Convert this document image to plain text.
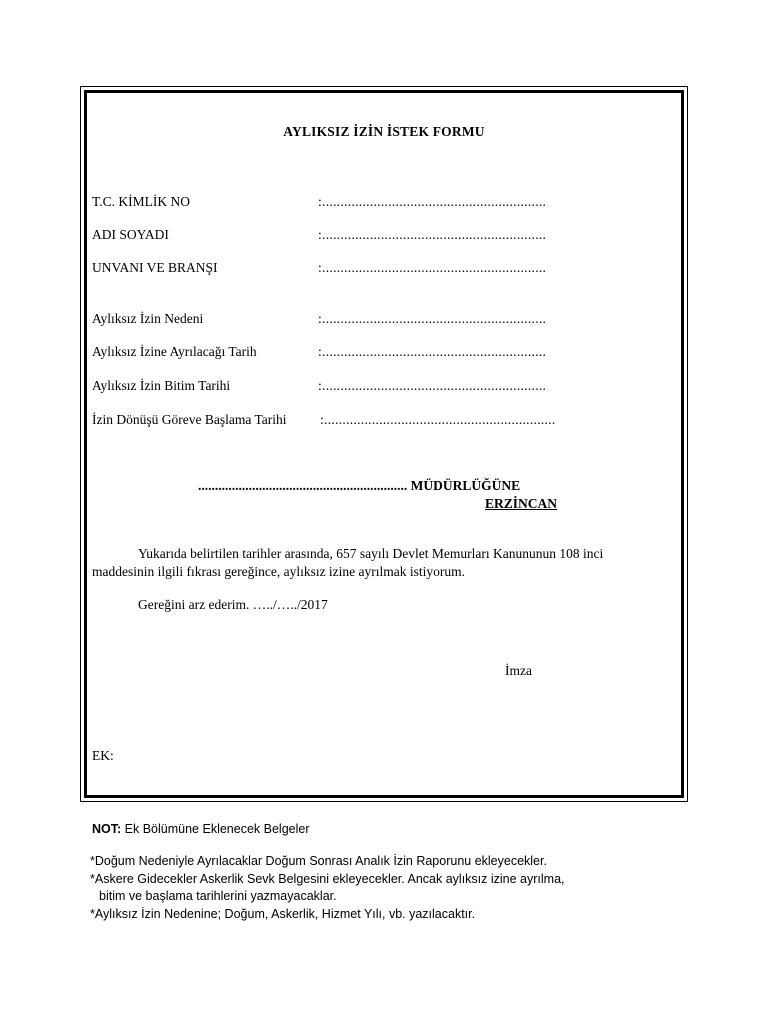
AYLIKSIZ İZİN İSTEK FORMU
T.C. KİMLİK NO	:.............................................................
ADI SOYADI	:.............................................................
UNVANI VE BRANŞI	:.............................................................
Aylıksız İzin Nedeni	:.............................................................
Aylıksız İzine Ayrılacağı Tarih	:.............................................................
Aylıksız İzin Bitim Tarihi	:.............................................................
İzin Dönüşü Göreve Başlama Tarihi :...............................................................
.............................................................. MÜDÜRLÜĞÜNE
ERZİNCAN
Yukarıda belirtilen tarihler arasında, 657 sayılı Devlet Memurları Kanununun 108 inci
maddesinin ilgili fıkrası gereğince, aylıksız izine ayrılmak istiyorum.
Gereğini arz ederim. …../…../2017
İmza
EK:
NOT: Ek Bölümüne Eklenecek Belgeler
*Doğum Nedeniyle Ayrılacaklar Doğum Sonrası Analık İzin Raporunu ekleyecekler.
*Askere Gidecekler Askerlik Sevk Belgesini ekleyecekler. Ancak aylıksız izine ayrılma,
bitim ve başlama tarihlerini yazmayacaklar.
*Aylıksız İzin Nedenine; Doğum, Askerlik, Hizmet Yılı, vb. yazılacaktır.
